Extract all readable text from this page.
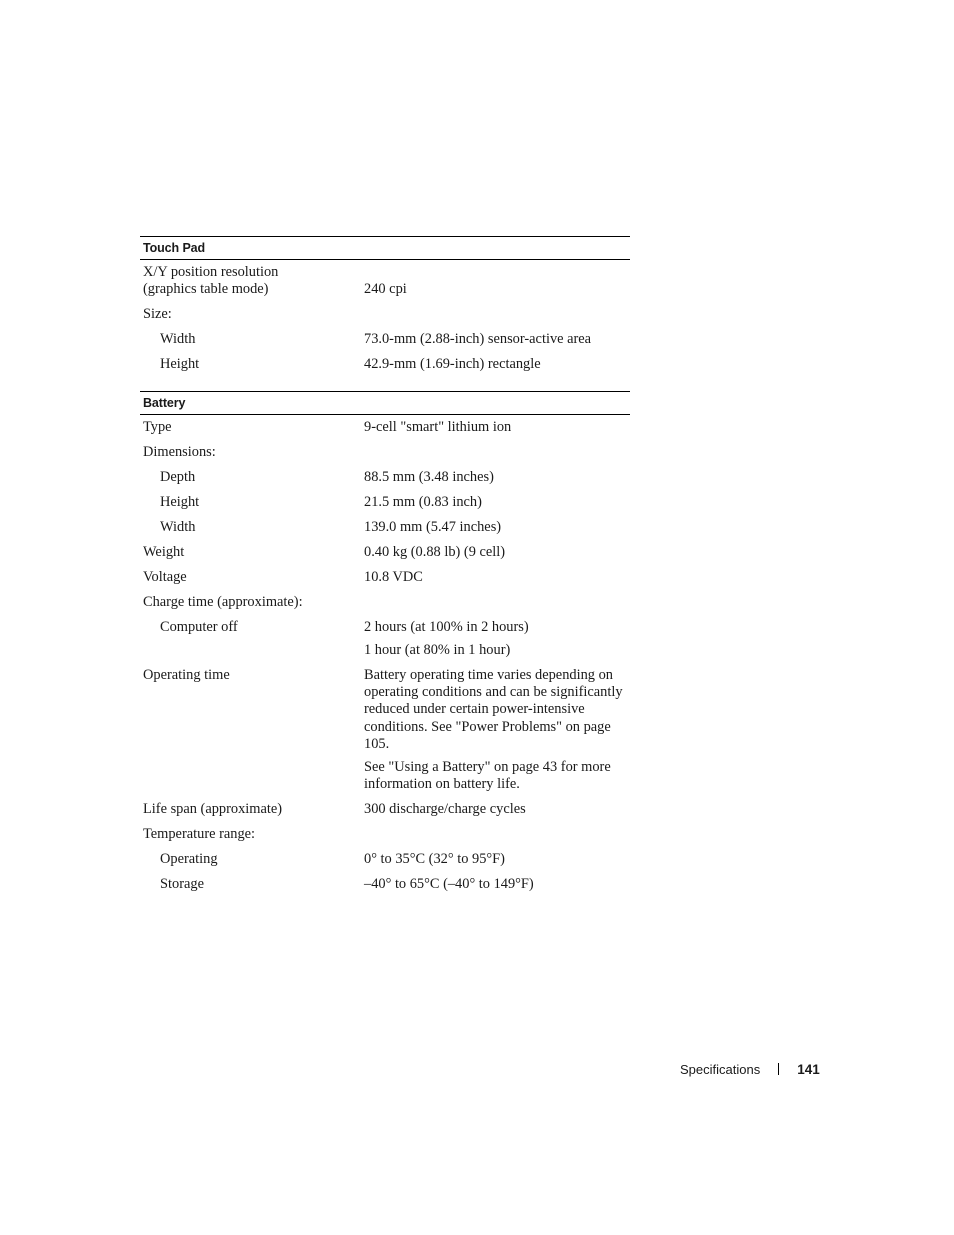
Touch Pad
X/Y position resolution
(graphics table mode)	240 cpi

Size:
Width	73.0-mm (2.88-inch) sensor-active area

Height	42.9-mm (1.69-inch) rectangle

Battery
Type	9-cell "smart" lithium ion

Dimensions:
Depth	88.5 mm (3.48 inches)

Height	21.5 mm (0.83 inch)

Width	139.0 mm (5.47 inches)

Weight	0.40 kg (0.88 lb) (9 cell)

Voltage	10.8 VDC

Charge time (approximate):
Computer off	2 hours (at 100% in 2 hours)

1 hour (at 80% in 1 hour)

Operating time	Battery operating time varies depending on operating conditions and can be significantly reduced under certain power-intensive conditions. See "Power Problems" on page 105.

See "Using a Battery" on page 43 for more information on battery life.

Life span (approximate)	300 discharge/charge cycles

Temperature range:
Operating	0° to 35°C (32° to 95°F)

Storage	–40° to 65°C (–40° to 149°F)

Specifications	141
